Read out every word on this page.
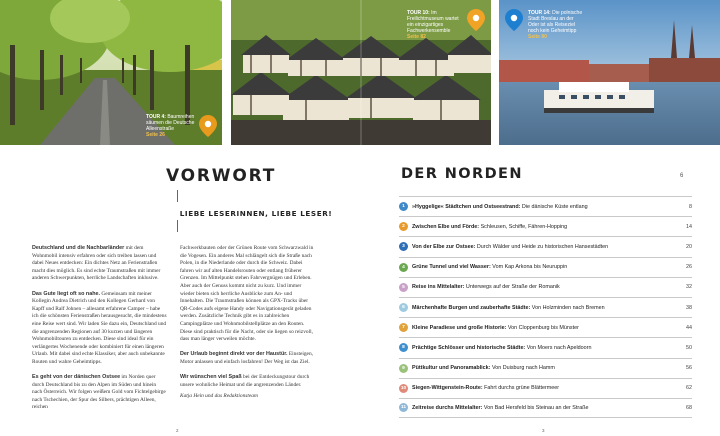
TOUR 4: Baumreihen säumen die Deutsche Alleenstraße
Seite 26
TOUR 10: Im Freilichtmuseum wartet ein einzigartiges Fachwerkensemble
Seite 82
TOUR 14: Die polnische Stadt Breslau an der Oder ist als Reiseziel noch kein Geheimtipp
Seite 80
VORWORT
LIEBE LESERINNEN, LIEBE LESER!

Deutschland und die Nachbarländer mit dem Wohnmobil intensiv erfahren oder sich treiben lassen und dabei Neues entdecken: Ein dichtes Netz an Ferienstraßen macht dies möglich. Es sind echte Traumstraßen mit immer anderen Schwerpunkten, herrliche Landschaften inklusive.

Das Gute liegt oft so nahe. Gemeinsam mit meiner Kollegin Andrea Dietrich und den Kollegen Gerhard von Kapff und Ralf Johnen – allesamt erfahrene Camper – habe ich die schönsten Ferienstraßen herausgesucht, die mindestens eine Reise wert sind. Wir laden Sie dazu ein, Deutschland und die angrenzenden Regionen auf 30 kurzen und längeren Wohnmobiltouren zu entdecken. Diese sind ideal für ein verlängertes Wochenende oder kombiniert für einen längeren Urlaub. Mit dabei sind echte Klassiker, aber auch unbekannte Routen und wahre Geheimtipps.

Es geht von der dänischen Ostsee im Norden quer durch Deutschland bis zu den Alpen im Süden und hinein nach Österreich. Wir folgen weißem Gold vom Fichtelgebirge nach Tschechien, der Spur des Silbers, prächtigen Alleen, reichen

Fachwerkbauten oder der Grünen Route vom Schwarzwald in die Vogesen. Ein anderes Mal schlängelt sich die Straße nach Polen, in die Niederlande oder durch die Schweiz. Dabei fahren wir auf alten Handelsrouten oder entlang früherer Grenzen. Im Mittelpunkt stehen Fahrvergnügen und Erleben. Aber auch der Genuss kommt nicht zu kurz. Und immer wieder bieten sich herrliche Ausblicke zum An- und Innehalten. Die Traumstraßen können als GPX-Tracks über QR-Codes aufs eigene Handy oder Navigationsgerät geladen werden. Zusätzliche Technik gibt es in zahlreichen Campingplätze und Wohnmobilstellplätze an den Routen. Diese sind praktisch für die Nacht, oder sie liegen so reizvoll, dass man länger verweilen möchte.

Der Urlaub beginnt direkt vor der Haustür. Einsteigen, Motor anlassen und einfach losfahren! Der Weg ist das Ziel.

Wir wünschen viel Spaß bei der Entdeckungstour durch unsere wohnliche Heimat und die angrenzenden Länder.

Katja Hein und das Redaktionsteam

2
DER NORDEN	6
1	»Hyggelige« Städtchen und Ostseestrand: Die dänische Küste entlang	8
2	Zwischen Elbe und Förde: Schleusen, Schiffe, Fähren-Hopping	14
3	Von der Elbe zur Ostsee: Durch Wälder und Heide zu historischen Hansestädten	20
4	Grüne Tunnel und viel Wasser: Vom Kap Arkona bis Neuruppin	26
5	Reise ins Mittelalter: Unterwegs auf der Straße der Romanik	32
6	Märchenhafte Burgen und zauberhafte Städte: Von Holzminden nach Bremen	38
7	Kleine Paradiese und große Historie: Von Cloppenburg bis Münster	44
8	Prächtige Schlösser und historische Städte: Von Moers nach Apeldoorn	50
9	Püttkultur und Panoramablick: Von Duisburg nach Hamm	56
10	Siegen-Wittgenstein-Route: Fahrt durchs grüne Blättermeer	62
11	Zeitreise durchs Mittelalter: Von Bad Hersfeld bis Steinau an der Straße	68
3
